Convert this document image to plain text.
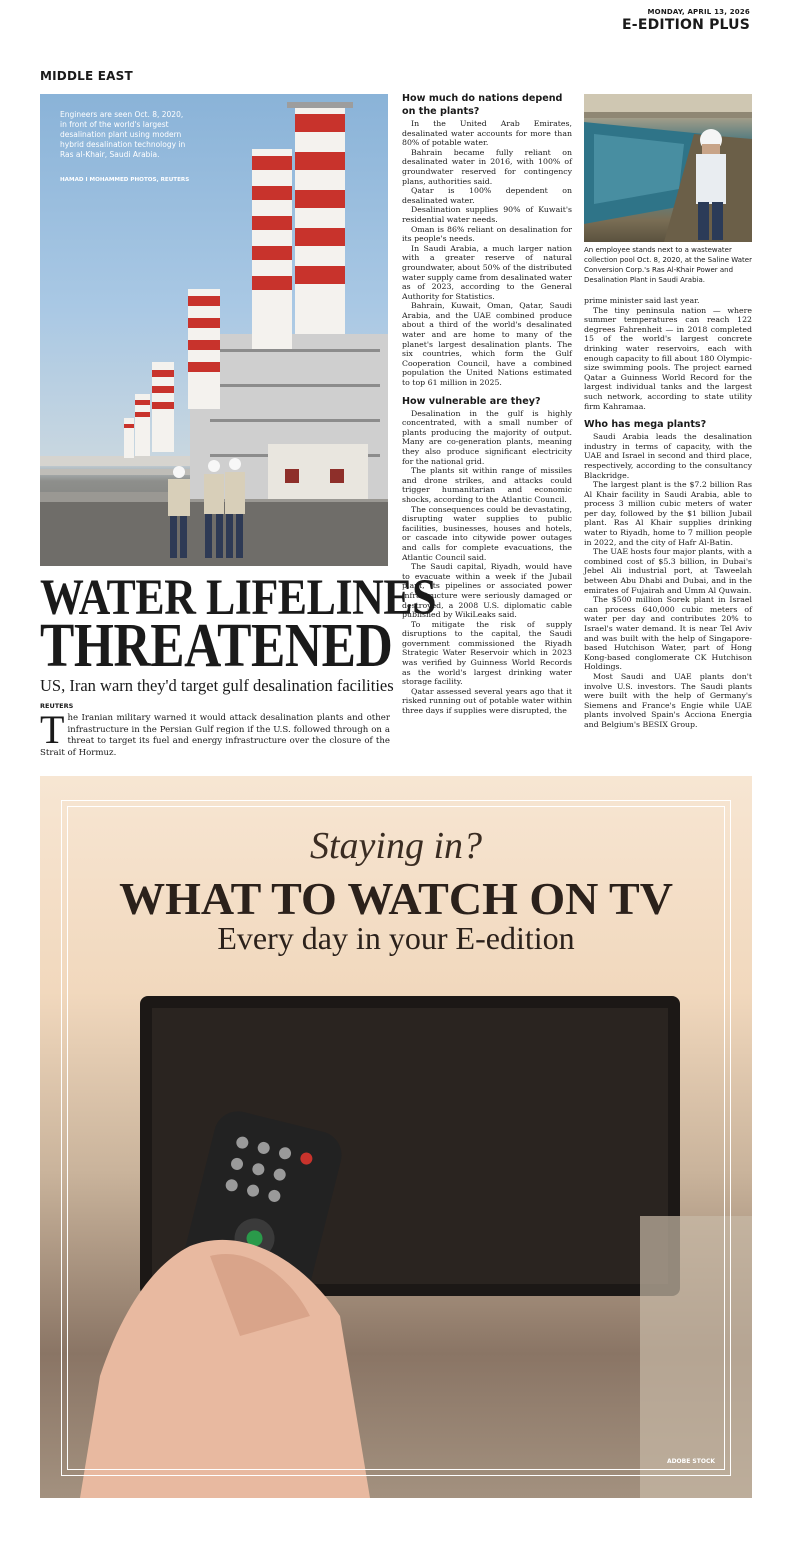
MONDAY, APRIL 13, 2026
E-EDITION PLUS
MIDDLE EAST
Engineers are seen Oct. 8, 2020, in front of the world's largest desalination plant using modern hybrid desalination technology in Ras al-Khair, Saudi Arabia.
HAMAD I MOHAMMED PHOTOS, REUTERS
WATER LIFELINES
THREATENED
US, Iran warn they'd target gulf desalination facilities
REUTERS
The Iranian military warned it would attack desalination plants and other infrastructure in the Persian Gulf region if the U.S. followed through on a threat to target its fuel and energy infrastructure over the closure of the Strait of Hormuz.
How much do nations depend on the plants?

In the United Arab Emirates, desalinated water accounts for more than 80% of potable water.

Bahrain became fully reliant on desalinated water in 2016, with 100% of groundwater reserved for contingency plans, authorities said.

Qatar is 100% dependent on desalinated water.

Desalination supplies 90% of Kuwait's residential water needs.

Oman is 86% reliant on desalination for its people's needs.

In Saudi Arabia, a much larger nation with a greater reserve of natural groundwater, about 50% of the distributed water supply came from desalinated water as of 2023, according to the General Authority for Statistics.

Bahrain, Kuwait, Oman, Qatar, Saudi Arabia, and the UAE combined produce about a third of the world's desalinated water and are home to many of the planet's largest desalination plants. The six countries, which form the Gulf Cooperation Council, have a combined population the United Nations estimated to top 61 million in 2025.

How vulnerable are they?

Desalination in the gulf is highly concentrated, with a small number of plants producing the majority of output. Many are co-generation plants, meaning they also produce significant electricity for the national grid.

The plants sit within range of missiles and drone strikes, and attacks could trigger humanitarian and economic shocks, according to the Atlantic Council.

The consequences could be devastating, disrupting water supplies to public facilities, businesses, houses and hotels, or cascade into citywide power outages and calls for complete evacuations, the Atlantic Council said.

The Saudi capital, Riyadh, would have to evacuate within a week if the Jubail plant, its pipelines or associated power infrastructure were seriously damaged or destroyed, a 2008 U.S. diplomatic cable published by WikiLeaks said.

To mitigate the risk of supply disruptions to the capital, the Saudi government commissioned the Riyadh Strategic Water Reservoir which in 2023 was verified by Guinness World Records as the world's largest drinking water storage facility.

Qatar assessed several years ago that it risked running out of potable water within three days if supplies were disrupted, the

An employee stands next to a wastewater collection pool Oct. 8, 2020, at the Saline Water Conversion Corp.'s Ras Al-Khair Power and Desalination Plant in Saudi Arabia.

prime minister said last year.

The tiny peninsula nation — where summer temperatures can reach 122 degrees Fahrenheit — in 2018 completed 15 of the world's largest concrete drinking water reservoirs, each with enough capacity to fill about 180 Olympic-size swimming pools. The project earned Qatar a Guinness World Record for the largest individual tanks and the largest such network, according to state utility firm Kahramaa.

Who has mega plants?

Saudi Arabia leads the desalination industry in terms of capacity, with the UAE and Israel in second and third place, respectively, according to the consultancy Blackridge.

The largest plant is the $7.2 billion Ras Al Khair facility in Saudi Arabia, able to process 3 million cubic meters of water per day, followed by the $1 billion Jubail plant. Ras Al Khair supplies drinking water to Riyadh, home to 7 million people in 2022, and the city of Hafr Al-Batin.

The UAE hosts four major plants, with a combined cost of $5.3 billion, in Dubai's Jebel Ali industrial port, at Taweelah between Abu Dhabi and Dubai, and in the emirates of Fujairah and Umm Al Quwain.

The $500 million Sorek plant in Israel can process 640,000 cubic meters of water per day and contributes 20% to Israel's water demand. It is near Tel Aviv and was built with the help of Singapore-based Hutchison Water, part of Hong Kong-based conglomerate CK Hutchison Holdings.

Most Saudi and UAE plants don't involve U.S. investors. The Saudi plants were built with the help of Germany's Siemens and France's Engie while UAE plants involved Spain's Acciona Energia and Belgium's BESIX Group.

Staying in?
WHAT TO WATCH ON TV
Every day in your E-edition
ADOBE STOCK
